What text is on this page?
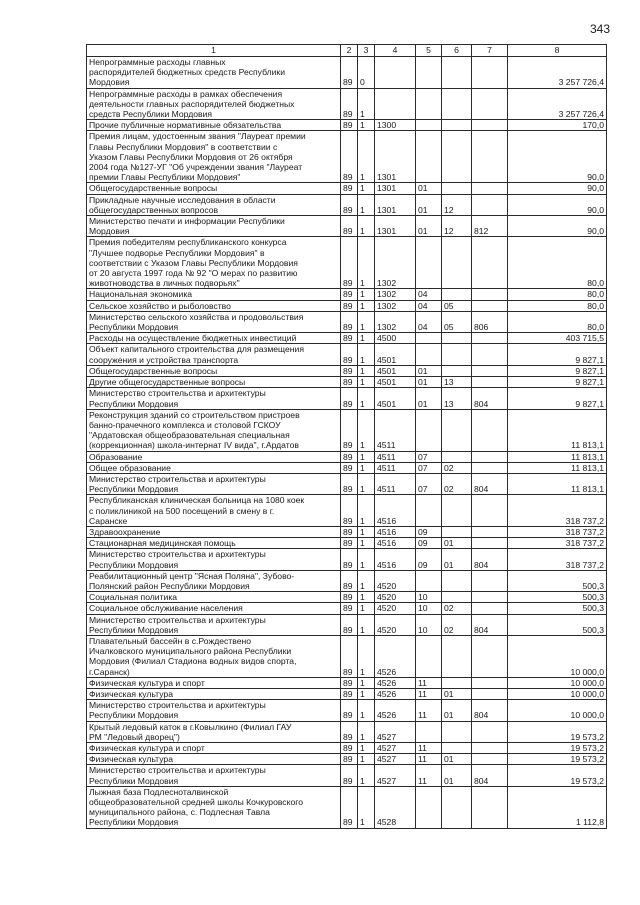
343
1	2	3	4	5	6	7	8
Непрограммные расходы главных
распорядителей бюджетных средств Республики
Мордовия	89	0					3 257 726,4
Непрограммные расходы в рамках обеспечения
деятельности главных распорядителей бюджетных
средств Республики Мордовия	89	1					3 257 726,4
Прочие публичные нормативные обязательства	89	1	1300				170,0
Премия лицам, удостоенным звания "Лауреат премии
Главы Республики Мордовия" в соответствии с
Указом Главы Республики Мордовия от 26 октября
2004 года №127-УГ "Об учреждении звания "Лауреат
премии Главы Республики Мордовия"	89	1	1301				90,0
Общегосударственные вопросы	89	1	1301	01			90,0
Прикладные научные исследования в области
общегосударственных вопросов	89	1	1301	01	12		90,0
Министерство печати и информации Республики
Мордовия	89	1	1301	01	12	812	90,0
Премия победителям республиканского конкурса
"Лучшее подворье Республики Мордовия" в
соответствии с Указом Главы Республики Мордовия
от 20 августа 1997 года № 92 "О мерах по развитию
животноводства в личных подворьях"	89	1	1302				80,0
Национальная экономика	89	1	1302	04			80,0
Сельское хозяйство и рыболовство	89	1	1302	04	05		80,0
Министерство сельского хозяйства и продовольствия
Республики Мордовия	89	1	1302	04	05	806	80,0
Расходы на осуществление бюджетных инвестиций	89	1	4500				403 715,5
Объект капитального строительства для размещения
сооружения и устройства транспорта	89	1	4501				9 827,1
Общегосударственные вопросы	89	1	4501	01			9 827,1
Другие общегосударственные вопросы	89	1	4501	01	13		9 827,1
Министерство строительства и архитектуры
Республики Мордовия	89	1	4501	01	13	804	9 827,1
Реконструкция зданий со строительством пристроев
банно-прачечного комплекса и столовой ГСКОУ
"Ардатовская общеобразовательная специальная
(коррекционная) школа-интернат IV вида", г.Ардатов	89	1	4511				11 813,1
Образование	89	1	4511	07			11 813,1
Общее образование	89	1	4511	07	02		11 813,1
Министерство строительства и архитектуры
Республики Мордовия	89	1	4511	07	02	804	11 813,1
Республиканская клиническая больница на 1080 коек
с поликлиникой на 500 посещений в смену в г.
Саранске	89	1	4516				318 737,2
Здравоохранение	89	1	4516	09			318 737,2
Стационарная медицинская помощь	89	1	4516	09	01		318 737,2
Министерство строительства и архитектуры
Республики Мордовия	89	1	4516	09	01	804	318 737,2
Реабилитационный центр "Ясная Поляна", Зубово-
Полянский район Республики Мордовия	89	1	4520				500,3
Социальная политика	89	1	4520	10			500,3
Социальное обслуживание населения	89	1	4520	10	02		500,3
Министерство строительства и архитектуры
Республики Мордовия	89	1	4520	10	02	804	500,3
Плавательный бассейн в с.Рождествено
Ичалковского муниципального района Республики
Мордовия (Филиал Стадиона водных видов спорта,
г.Саранск)	89	1	4526				10 000,0
Физическая культура и спорт	89	1	4526	11			10 000,0
Физическая культура	89	1	4526	11	01		10 000,0
Министерство строительства и архитектуры
Республики Мордовия	89	1	4526	11	01	804	10 000,0
Крытый ледовый каток в г.Ковылкино (Филиал ГАУ
РМ "Ледовый дворец")	89	1	4527				19 573,2
Физическая культура и спорт	89	1	4527	11			19 573,2
Физическая культура	89	1	4527	11	01		19 573,2
Министерство строительства и архитектуры
Республики Мордовия	89	1	4527	11	01	804	19 573,2
Лыжная база Подлесноталвинской
общеобразовательной средней школы Кочкуровского
муниципального района, с. Подлесная Тавла
Республики Мордовия	89	1	4528				1 112,8
